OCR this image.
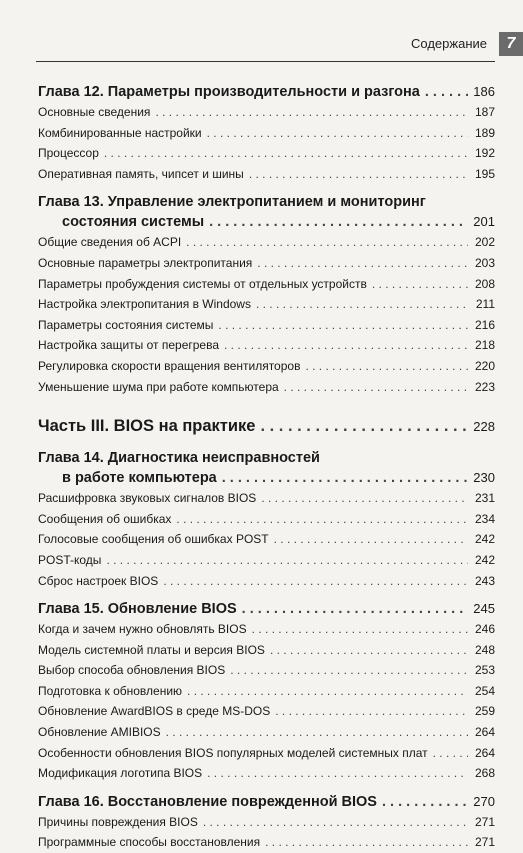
Содержание	7
Глава 12. Параметры производительности и разгона . . .	186
Основные сведения . . .	187
Комбинированные настройки . . .	189
Процессор . . .	192
Оперативная память, чипсет и шины . . .	195
Глава 13. Управление электропитанием и мониторинг
состояния системы . . .	201
Общие сведения об ACPI . . .	202
Основные параметры электропитания . . .	203
Параметры пробуждения системы от отдельных устройств . . .	208
Настройка электропитания в Windows . . .	211
Параметры состояния системы . . .	216
Настройка защиты от перегрева . . .	218
Регулировка скорости вращения вентиляторов . . .	220
Уменьшение шума при работе компьютера . . .	223
Часть III. BIOS на практике . . .	228
Глава 14. Диагностика неисправностей
в работе компьютера . . .	230
Расшифровка звуковых сигналов BIOS . . .	231
Сообщения об ошибках . . .	234
Голосовые сообщения об ошибках POST . . .	242
POST-коды . . .	242
Сброс настроек BIOS . . .	243
Глава 15. Обновление BIOS . . .	245
Когда и зачем нужно обновлять BIOS . . .	246
Модель системной платы и версия BIOS . . .	248
Выбор способа обновления BIOS . . .	253
Подготовка к обновлению . . .	254
Обновление AwardBIOS в среде MS-DOS . . .	259
Обновление AMIBIOS . . .	264
Особенности обновления BIOS популярных моделей системных плат . . .	264
Модификация логотипа BIOS . . .	268
Глава 16. Восстановление поврежденной BIOS . . .	270
Причины повреждения BIOS . . .	271
Программные способы восстановления . . .	271
